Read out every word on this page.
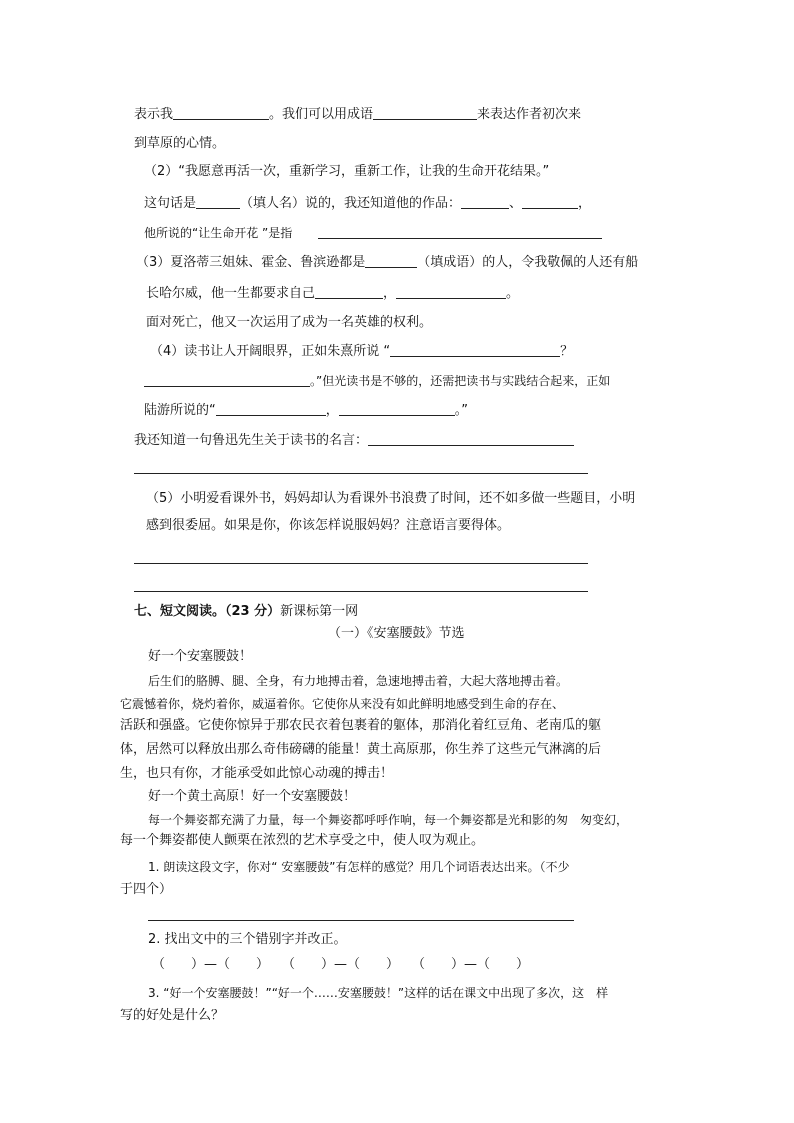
表示我	。我们可以用成语	来表达作者初次来
到草原的心情。
（2）“我愿意再活一次，重新学习，重新工作，让我的生命开花结果。”
这句话是	（填人名）说的，我还知道他的作品：	、	，
他所说的“让生命开花 ”是指
（3）夏洛蒂三姐妹、霍金、鲁滨逊都是	（填成语）的人，令我敬佩的人还有船
长哈尔威，他一生都要求自己	，	。
面对死亡，他又一次运用了成为一名英雄的权利。
（4）读书让人开阔眼界，正如朱熹所说 “	？
。”但光读书是不够的，还需把读书与实践结合起来，正如
陆游所说的“	，	。”
我还知道一句鲁迅先生关于读书的名言：
（5）小明爱看课外书，妈妈却认为看课外书浪费了时间，还不如多做一些题目，小明
感到很委屈。如果是你，你该怎样说服妈妈？注意语言要得体。
七、短文阅读。（23 分）新课标第一网
（一）《安塞腰鼓》节选
好一个安塞腰鼓！
后生们的胳膊、腿、全身，有力地搏击着，急速地搏击着，大起大落地搏击着。
它震憾着你，烧灼着你，威逼着你。它使你从来没有如此鲜明地感受到生命的存在、
活跃和强盛。它使你惊异于那农民衣着包裹着的躯体，那消化着红豆角、老南瓜的躯
体，居然可以释放出那么奇伟磅礴的能量！黄土高原那，你生养了这些元气淋漓的后
生，也只有你，才能承受如此惊心动魂的搏击！
好一个黄土高原！好一个安塞腰鼓！
每一个舞姿都充满了力量，每一个舞姿都呼呼作响，每一个舞姿都是光和影的匆　匆变幻，
每一个舞姿都使人颤栗在浓烈的艺术享受之中，使人叹为观止。
1. 朗读这段文字，你对“ 安塞腰鼓”有怎样的感觉？用几个词语表达出来。（不少
于四个）
2. 找出文中的三个错别字并改正。
（　　）—（　　）　　（　　）—（　　）　　（　　）—（　　）
3. “好一个安塞腰鼓！”“好一个……安塞腰鼓！”这样的话在课文中出现了多次，这　样
写的好处是什么？
